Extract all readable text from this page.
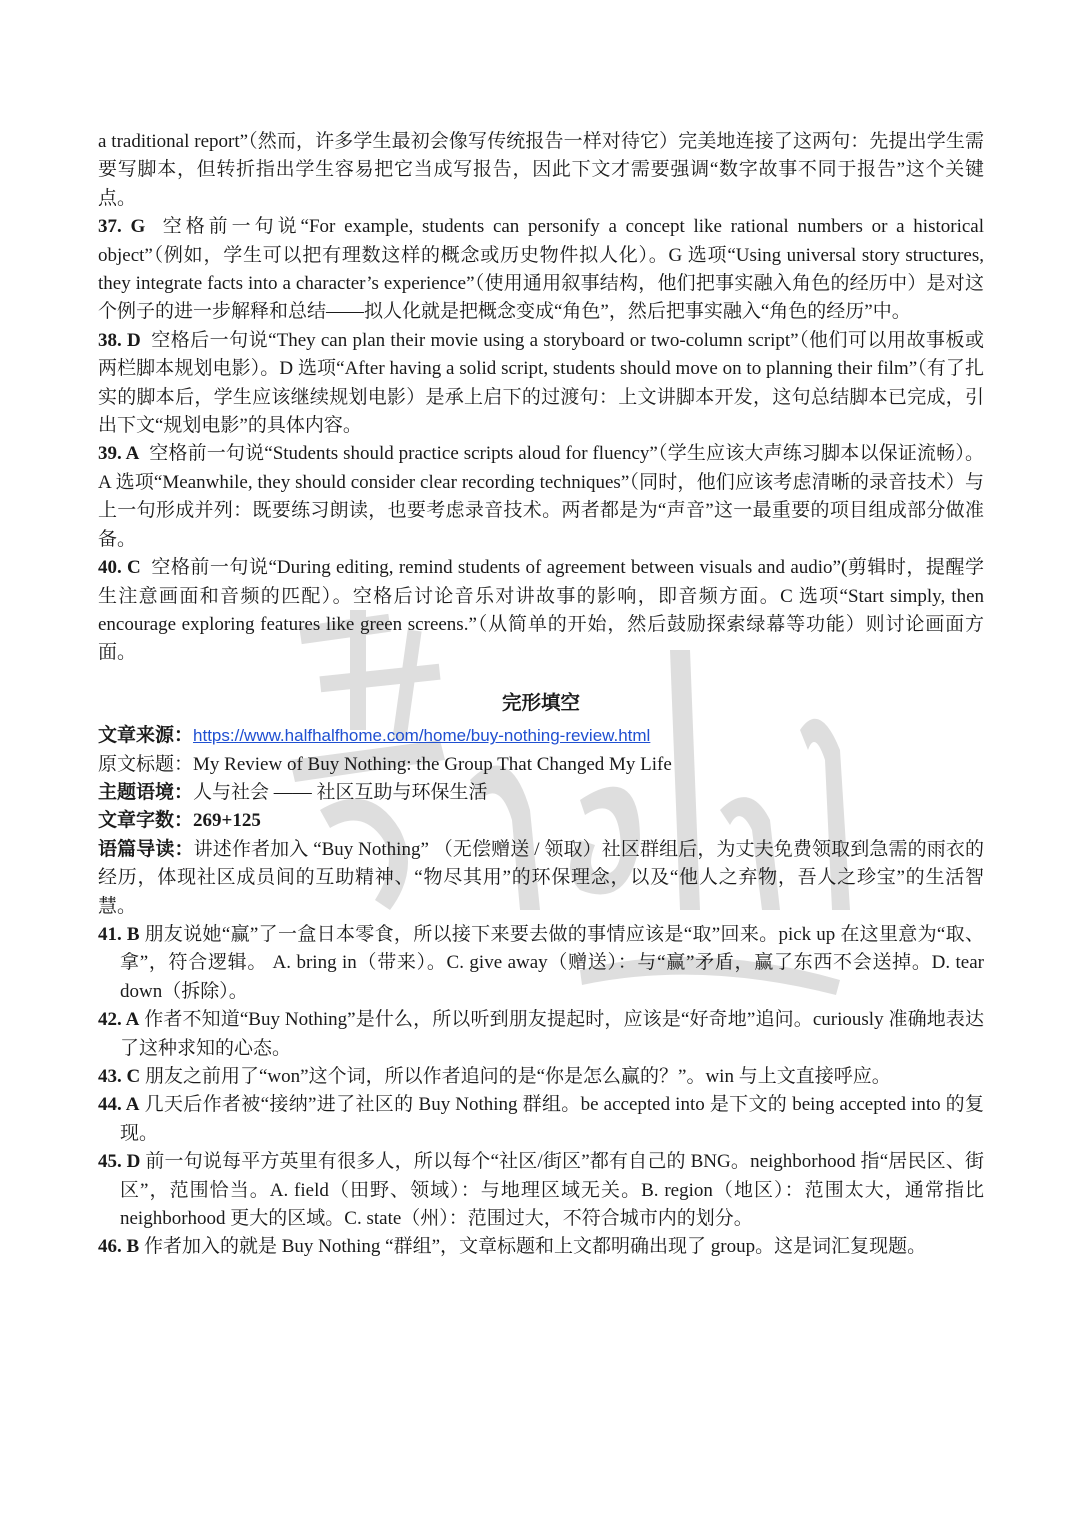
a traditional report”（然而，许多学生最初会像写传统报告一样对待它）完美地连接了这两句：先提出学生需要写脚本，但转折指出学生容易把它当成写报告，因此下文才需要强调“数字故事不同于报告”这个关键点。

37. G 空格前一句说“For example, students can personify a concept like rational numbers or a historical object”（例如，学生可以把有理数这样的概念或历史物件拟人化）。G 选项“Using universal story structures, they integrate facts into a character’s experience”（使用通用叙事结构，他们把事实融入角色的经历中）是对这个例子的进一步解释和总结——拟人化就是把概念变成“角色”，然后把事实融入“角色的经历”中。

38. D 空格后一句说“They can plan their movie using a storyboard or two-column script”（他们可以用故事板或两栏脚本规划电影）。D 选项“After having a solid script, students should move on to planning their film”（有了扎实的脚本后，学生应该继续规划电影）是承上启下的过渡句：上文讲脚本开发，这句总结脚本已完成，引出下文“规划电影”的具体内容。

39. A 空格前一句说“Students should practice scripts aloud for fluency”（学生应该大声练习脚本以保证流畅）。A 选项“Meanwhile, they should consider clear recording techniques”（同时，他们应该考虑清晰的录音技术）与上一句形成并列：既要练习朗读，也要考虑录音技术。两者都是为“声音”这一最重要的项目组成部分做准备。

40. C 空格前一句说“During editing, remind students of agreement between visuals and audio”(剪辑时，提醒学生注意画面和音频的匹配）。空格后讨论音乐对讲故事的影响，即音频方面。C 选项“Start simply, then encourage exploring features like green screens.”（从简单的开始，然后鼓励探索绿幕等功能）则讨论画面方面。

完形填空

文章来源：https://www.halfhalfhome.com/home/buy-nothing-review.html

原文标题：My Review of Buy Nothing: the Group That Changed My Life

主题语境：人与社会 —— 社区互助与环保生活

文章字数：269+125

语篇导读：讲述作者加入 “Buy Nothing” （无偿赠送 / 领取）社区群组后，为丈夫免费领取到急需的雨衣的经历，体现社区成员间的互助精神、“物尽其用”的环保理念，以及“他人之弃物，吾人之珍宝”的生活智慧。

41. B 朋友说她“赢”了一盒日本零食，所以接下来要去做的事情应该是“取”回来。pick up 在这里意为“取、拿”，符合逻辑。 A. bring in（带来）。C. give away（赠送）：与“赢”矛盾，赢了东西不会送掉。D. tear down（拆除）。

42. A 作者不知道“Buy Nothing”是什么，所以听到朋友提起时，应该是“好奇地”追问。curiously 准确地表达了这种求知的心态。

43. C 朋友之前用了“won”这个词，所以作者追问的是“你是怎么赢的？”。win 与上文直接呼应。

44. A 几天后作者被“接纳”进了社区的 Buy Nothing 群组。be accepted into 是下文的 being accepted into 的复现。

45. D 前一句说每平方英里有很多人，所以每个“社区/街区”都有自己的 BNG。neighborhood 指“居民区、街区”，范围恰当。A. field（田野、领域）：与地理区域无关。B. region（地区）：范围太大，通常指比 neighborhood 更大的区域。C. state（州）：范围过大，不符合城市内的划分。

46. B 作者加入的就是 Buy Nothing “群组”，文章标题和上文都明确出现了 group。这是词汇复现题。
